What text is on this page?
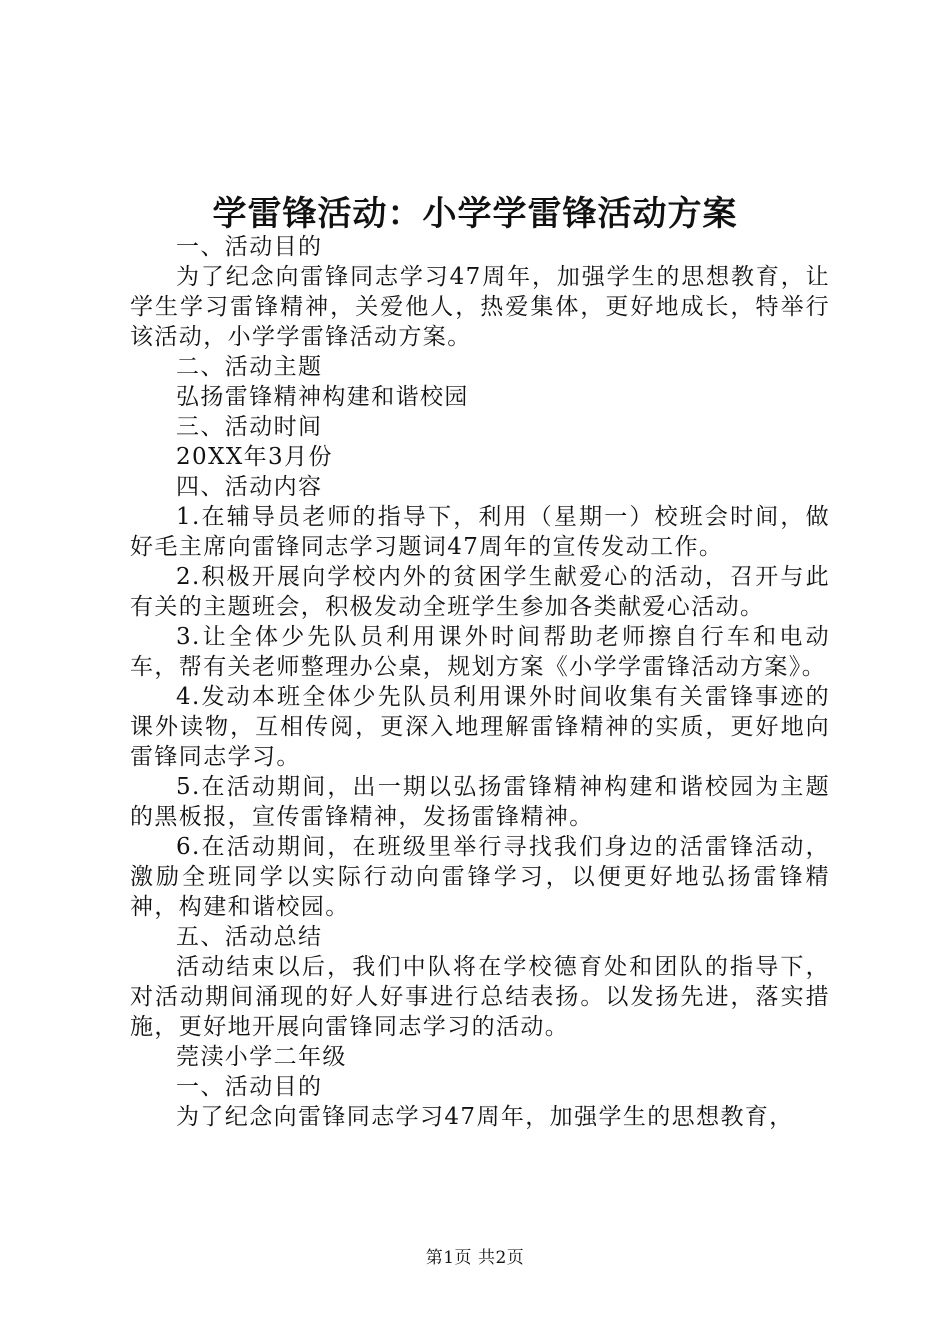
学雷锋活动：小学学雷锋活动方案

一、活动目的

为了纪念向雷锋同志学习47周年，加强学生的思想教育，让学生学习雷锋精神，关爱他人，热爱集体，更好地成长，特举行该活动，小学学雷锋活动方案。

二、活动主题

弘扬雷锋精神构建和谐校园

三、活动时间

20XX年3月份

四、活动内容

1.在辅导员老师的指导下，利用（星期一）校班会时间，做好毛主席向雷锋同志学习题词47周年的宣传发动工作。

2.积极开展向学校内外的贫困学生献爱心的活动，召开与此有关的主题班会，积极发动全班学生参加各类献爱心活动。

3.让全体少先队员利用课外时间帮助老师擦自行车和电动车，帮有关老师整理办公桌，规划方案《小学学雷锋活动方案》。

4.发动本班全体少先队员利用课外时间收集有关雷锋事迹的课外读物，互相传阅，更深入地理解雷锋精神的实质，更好地向雷锋同志学习。

5.在活动期间，出一期以弘扬雷锋精神构建和谐校园为主题的黑板报，宣传雷锋精神，发扬雷锋精神。

6.在活动期间，在班级里举行寻找我们身边的活雷锋活动，激励全班同学以实际行动向雷锋学习，以便更好地弘扬雷锋精神，构建和谐校园。

五、活动总结

活动结束以后，我们中队将在学校德育处和团队的指导下，对活动期间涌现的好人好事进行总结表扬。以发扬先进，落实措施，更好地开展向雷锋同志学习的活动。

莞渎小学二年级

一、活动目的

为了纪念向雷锋同志学习47周年，加强学生的思想教育，

第1页 共2页
